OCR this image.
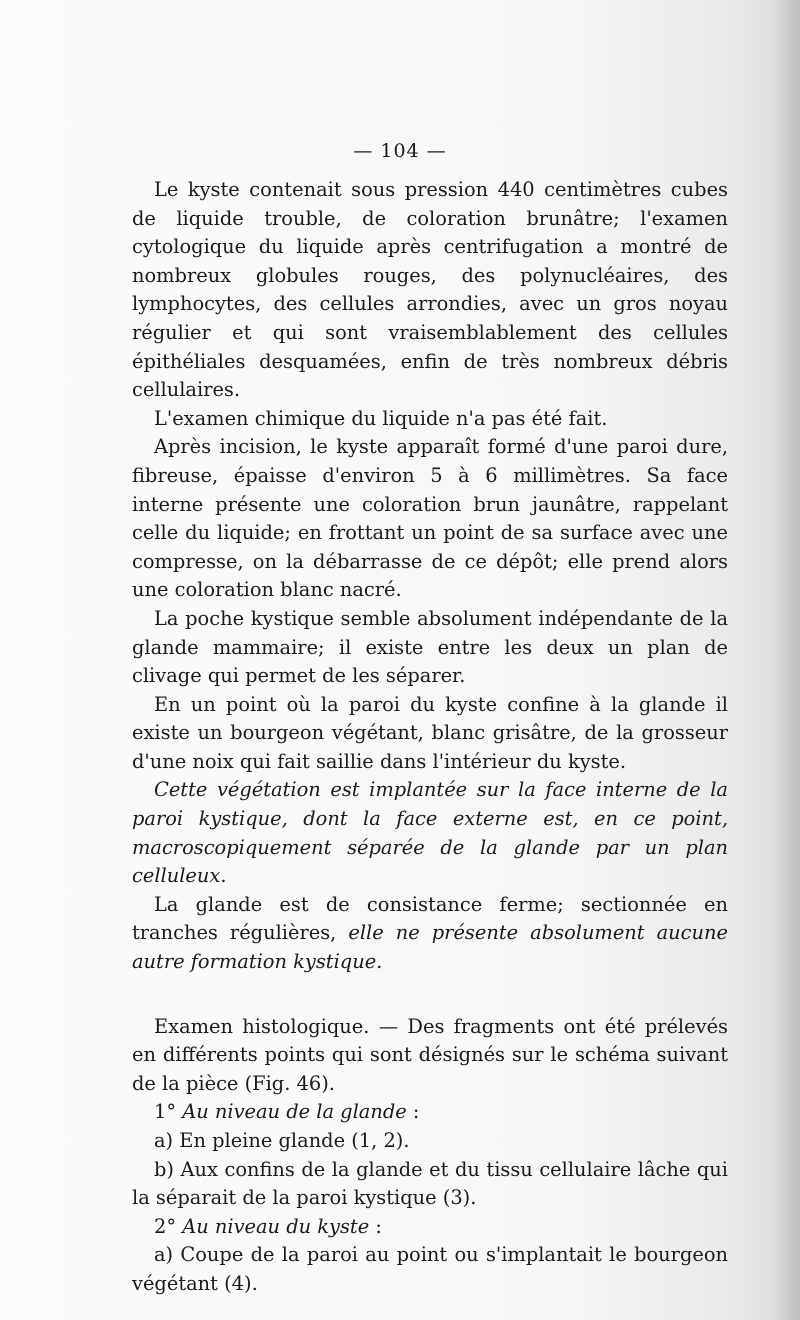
— 104 —

Le kyste contenait sous pression 440 centimètres cubes de liquide trouble, de coloration brunâtre; l'examen cytologique du liquide après centrifugation a montré de nombreux globules rouges, des polynucléaires, des lymphocytes, des cellules arrondies, avec un gros noyau régulier et qui sont vraisemblablement des cellules épithéliales desquamées, enfin de très nombreux débris cellulaires.

L'examen chimique du liquide n'a pas été fait.

Après incision, le kyste apparaît formé d'une paroi dure, fibreuse, épaisse d'environ 5 à 6 millimètres. Sa face interne présente une coloration brun jaunâtre, rappelant celle du liquide; en frottant un point de sa surface avec une compresse, on la débarrasse de ce dépôt; elle prend alors une coloration blanc nacré.

La poche kystique semble absolument indépendante de la glande mammaire; il existe entre les deux un plan de clivage qui permet de les séparer.

En un point où la paroi du kyste confine à la glande il existe un bourgeon végétant, blanc grisâtre, de la grosseur d'une noix qui fait saillie dans l'intérieur du kyste.

Cette végétation est implantée sur la face interne de la paroi kystique, dont la face externe est, en ce point, macroscopiquement séparée de la glande par un plan celluleux.

La glande est de consistance ferme; sectionnée en tranches régulières, elle ne présente absolument aucune autre formation kystique.

Examen histologique. — Des fragments ont été prélevés en différents points qui sont désignés sur le schéma suivant de la pièce (Fig. 46).

1° Au niveau de la glande :

a) En pleine glande (1, 2).

b) Aux confins de la glande et du tissu cellulaire lâche qui la séparait de la paroi kystique (3).

2° Au niveau du kyste :

a) Coupe de la paroi au point ou s'implantait le bourgeon végétant (4).
